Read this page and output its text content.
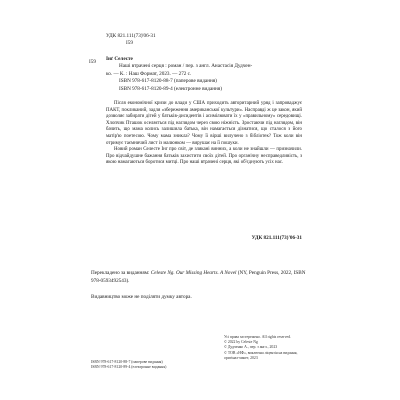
УДК 821.111(73)'06-31
І59
І59 Інґ Селесте
Наші втрачені серця : роман / пер. з англ. Анастасія Дудчен-
ко. — К. : Наш Формат, 2023. — 272 с.
ISBN 978-617-8120-88-7 (паперове видання)
ISBN 978-617-8120-89-4 (електронне видання)

Після економічної кризи до влади у США приходить авторитарний уряд і запроваджує ПАКТ, покликаний, задля «збереження американської культури». Насправді ж це закон, який дозволяє забирати дітей у батьків-дисидентів і асимілювати їх у «правильному» середовищі. Хлопчик Пташок оселяється під наглядом через свою ніжність. Зростаючи під наглядом, він бачить, що мама колись залишила батька, він намагається дізнатися, що сталося з його матір'ю поетесою. Чому мама зникла? Чому її вірші вилучено з бібліотек? Тож коли він отримує таємничий лист із малюнком — вирушає на її пошуки.

Новий роман Селесте Інґ про світ, де злякані винних, а коли не знайшли — призначили. Про відчайдушне бажання батьків захистити своїх дітей. Про органічну несправедливість, з якою намагаються боротися митці. Про наші втрачені серця, які об'єднують усіх нас.

УДК 821.111(73)'06-31
Перекладено за виданням: Celeste Ng. Our Missing Hearts. A Novel (NY, Penguin Press, 2022, ISBN 978-0593492543).
Видавництво може не поділяти думку автора.
ISBN 978-617-8120-88-7 (паперове видання)
ISBN 978-617-8120-89-4 (електронне видання)
Усі права застережено. All rights reserved.
© 2022 by Celeste Ng
© Дудченко А., пер. з англ., 2023
© ТОВ «НФ», виключна ліцензія на видання,
оригінал-макет, 2023
